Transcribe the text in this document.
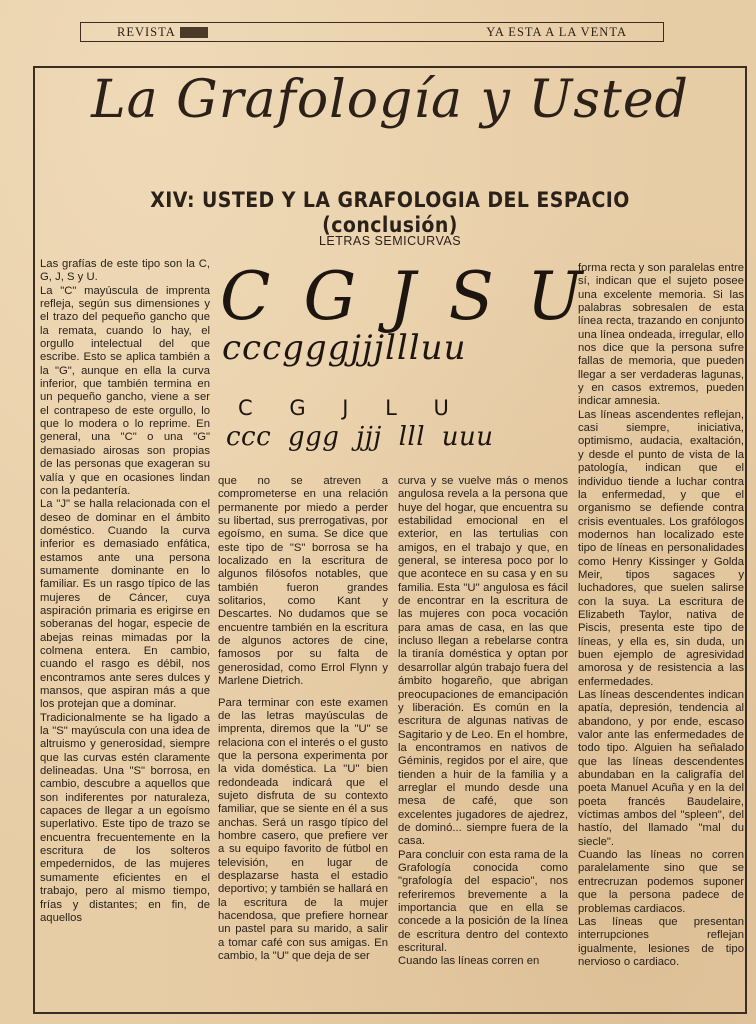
REVISTA	YA ESTA A LA VENTA
La Grafología y Usted
XIV: USTED Y LA GRAFOLOGIA DEL ESPACIO (conclusión)
LETRAS SEMICURVAS
C G J S U
cccgggjjjllluu
C G J L U
ccc ggg jjj lll uuu

Las grafías de este tipo son la C, G, J, S y U.

La "C" mayúscula de imprenta refleja, según sus dimensiones y el trazo del pequeño gancho que la remata, cuando lo hay, el orgullo intelectual del que escribe. Esto se aplica también a la "G", aunque en ella la curva inferior, que también termina en un pequeño gancho, viene a ser el contrapeso de este orgullo, lo que lo modera o lo reprime. En general, una "C" o una "G" demasiado airosas son propias de las personas que exageran su valía y que en ocasiones lindan con la pedantería.

La "J" se halla relacionada con el deseo de dominar en el ámbito doméstico. Cuando la curva inferior es demasiado enfática, estamos ante una persona sumamente dominante en lo familiar. Es un rasgo típico de las mujeres de Cáncer, cuya aspiración primaria es erigirse en soberanas del hogar, especie de abejas reinas mimadas por la colmena entera. En cambio, cuando el rasgo es débil, nos encontramos ante seres dulces y mansos, que aspiran más a que los protejan que a dominar.

Tradicionalmente se ha ligado a la "S" mayúscula con una idea de altruismo y generosidad, siempre que las curvas estén claramente delineadas. Una "S" borrosa, en cambio, descubre a aquellos que son indiferentes por naturaleza, capaces de llegar a un egoísmo superlativo. Este tipo de trazo se encuentra frecuentemente en la escritura de los solteros empedernidos, de las mujeres sumamente eficientes en el trabajo, pero al mismo tiempo, frías y distantes; en fin, de aquellos

que no se atreven a comprometerse en una relación permanente por miedo a perder su libertad, sus prerrogativas, por egoísmo, en suma. Se dice que este tipo de "S" borrosa se ha localizado en la escritura de algunos filósofos notables, que también fueron grandes solitarios, como Kant y Descartes. No dudamos que se encuentre también en la escritura de algunos actores de cine, famosos por su falta de generosidad, como Errol Flynn y Marlene Dietrich.

Para terminar con este examen de las letras mayúsculas de imprenta, diremos que la "U" se relaciona con el interés o el gusto que la persona experimenta por la vida doméstica. La "U" bien redondeada indicará que el sujeto disfruta de su contexto familiar, que se siente en él a sus anchas. Será un rasgo típico del hombre casero, que prefiere ver a su equipo favorito de fútbol en televisión, en lugar de desplazarse hasta el estadio deportivo; y también se hallará en la escritura de la mujer hacendosa, que prefiere hornear un pastel para su marido, a salir a tomar café con sus amigas. En cambio, la "U" que deja de ser

curva y se vuelve más o menos angulosa revela a la persona que huye del hogar, que encuentra su estabilidad emocional en el exterior, en las tertulias con amigos, en el trabajo y que, en general, se interesa poco por lo que acontece en su casa y en su familia. Esta "U" angulosa es fácil de encontrar en la escritura de las mujeres con poca vocación para amas de casa, en las que incluso llegan a rebelarse contra la tiranía doméstica y optan por desarrollar algún trabajo fuera del ámbito hogareño, que abrigan preocupaciones de emancipación y liberación. Es común en la escritura de algunas nativas de Sagitario y de Leo. En el hombre, la encontramos en nativos de Géminis, regidos por el aire, que tienden a huir de la familia y a arreglar el mundo desde una mesa de café, que son excelentes jugadores de ajedrez, de dominó... siempre fuera de la casa.

Para concluir con esta rama de la Grafología conocida como "grafología del espacio", nos referiremos brevemente a la importancia que en ella se concede a la posición de la línea de escritura dentro del contexto escritural.

Cuando las líneas corren en

forma recta y son paralelas entre sí, indican que el sujeto posee una excelente memoria. Si las palabras sobresalen de esta línea recta, trazando en conjunto una línea ondeada, irregular, ello nos dice que la persona sufre fallas de memoria, que pueden llegar a ser verdaderas lagunas, y en casos extremos, pueden indicar amnesia.

Las líneas ascendentes reflejan, casi siempre, iniciativa, optimismo, audacia, exaltación, y desde el punto de vista de la patología, indican que el individuo tiende a luchar contra la enfermedad, y que el organismo se defiende contra crisis eventuales. Los grafólogos modernos han localizado este tipo de líneas en personalidades como Henry Kissinger y Golda Meir, tipos sagaces y luchadores, que suelen salirse con la suya. La escritura de Elizabeth Taylor, nativa de Piscis, presenta este tipo de líneas, y ella es, sin duda, un buen ejemplo de agresividad amorosa y de resistencia a las enfermedades.

Las líneas descendentes indican apatía, depresión, tendencia al abandono, y por ende, escaso valor ante las enfermedades de todo tipo. Alguien ha señalado que las líneas descendentes abundaban en la caligrafía del poeta Manuel Acuña y en la del poeta francés Baudelaire, víctimas ambos del "spleen", del hastío, del llamado "mal du siecle".

Cuando las líneas no corren paralelamente sino que se entrecruzan podemos suponer que la persona padece de problemas cardiacos.

Las líneas que presentan interrupciones reflejan igualmente, lesiones de tipo nervioso o cardiaco.
